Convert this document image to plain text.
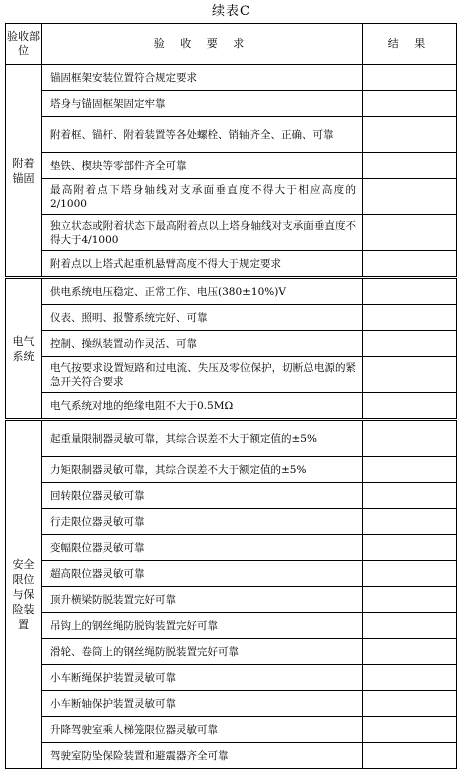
续表C
验收部位	验 收 要 求	结 果
附着锚固	锚固框架安装位置符合规定要求	
	塔身与锚固框架固定牢靠	
	附着框、锚杆、附着装置等各处螺栓、销轴齐全、正确、可靠	
	垫铁、楔块等零部件齐全可靠	
	最高附着点下塔身轴线对支承面垂直度不得大于相应高度的2/1000	
	独立状态或附着状态下最高附着点以上塔身轴线对支承面垂直度不得大于4/1000	
	附着点以上塔式起重机悬臂高度不得大于规定要求	
电气系统	供电系统电压稳定、正常工作、电压(380±10%)V	
	仪表、照明、报警系统完好、可靠	
	控制、操纵装置动作灵活、可靠	
	电气按要求设置短路和过电流、失压及零位保护，切断总电源的紧急开关符合要求	
	电气系统对地的绝缘电阻不大于0.5MΩ	
安全限位与保险装置	起重量限制器灵敏可靠，其综合误差不大于额定值的±5%	
	力矩限制器灵敏可靠，其综合误差不大于额定值的±5%	
	回转限位器灵敏可靠	
	行走限位器灵敏可靠	
	变幅限位器灵敏可靠	
	超高限位器灵敏可靠	
	顶升横梁防脱装置完好可靠	
	吊钩上的钢丝绳防脱钩装置完好可靠	
	滑轮、卷筒上的钢丝绳防脱装置完好可靠	
	小车断绳保护装置灵敏可靠	
	小车断轴保护装置灵敏可靠	
	升降驾驶室乘人梯笼限位器灵敏可靠	
	驾驶室防坠保险装置和避震器齐全可靠	
